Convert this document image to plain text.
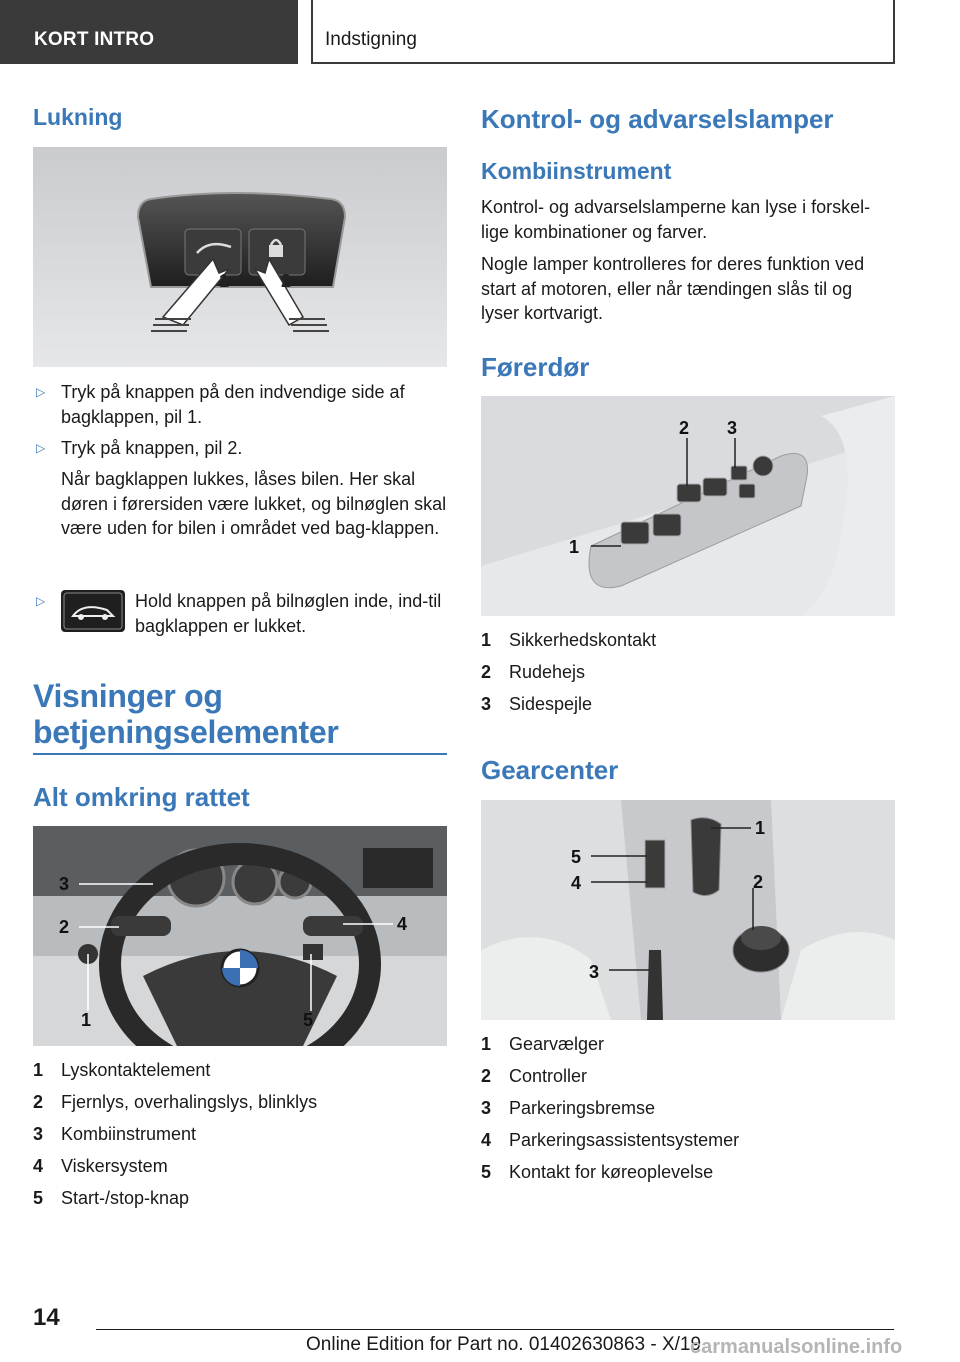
KORT INTRO	Indstigning
Lukning
1	2
▷ Tryk på knappen på den indvendige side af bagklappen, pil 1.
▷ Tryk på knappen, pil 2.
Når bagklappen lukkes, låses bilen. Her skal døren i førersiden være lukket, og bilnøglen skal være uden for bilen i området ved bag-klappen.
▷	Hold knappen på bilnøglen inde, ind-til bagklappen er lukket.
Visninger og
betjeningselementer
Alt omkring rattet
3
2	4
1	5
1 Lyskontaktelement
2 Fjernlys, overhalingslys, blinklys
3 Kombiinstrument
4 Viskersystem
5 Start-/stop-knap
Kontrol- og advarselslamper
Kombiinstrument
Kontrol- og advarselslamperne kan lyse i forskel-lige kombinationer og farver.
Nogle lamper kontrolleres for deres funktion ved start af motoren, eller når tændingen slås til og lyser kortvarigt.
Førerdør
1
2 3
1 Sikkerhedskontakt
2 Rudehejs
3 Sidespejle
Gearcenter
1
5
4	2
3
1 Gearvælger
2 Controller
3 Parkeringsbremse
4 Parkeringsassistentsystemer
5 Kontakt for køreoplevelse
14
Online Edition for Part no. 01402630863 - X/19
carmanualsonline.info
